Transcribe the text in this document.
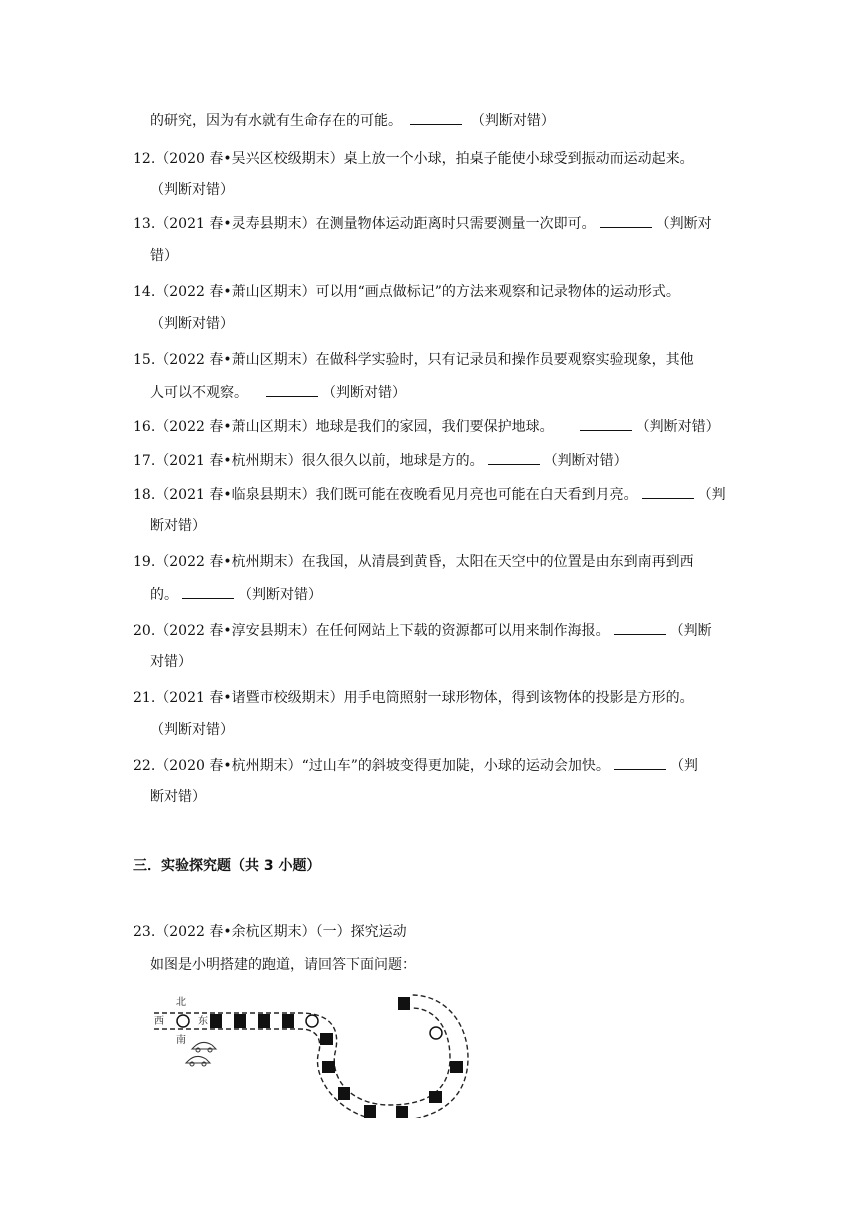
的研究，因为有水就有生命存在的可能。	（判断对错）
12.（2020 春•吴兴区校级期末）桌上放一个小球，拍桌子能使小球受到振动而运动起来。
（判断对错）
13.（2021 春•灵寿县期末）在测量物体运动距离时只需要测量一次即可。	（判断对
错）
14.（2022 春•萧山区期末）可以用“画点做标记”的方法来观察和记录物体的运动形式。
（判断对错）
15.（2022 春•萧山区期末）在做科学实验时，只有记录员和操作员要观察实验现象，其他
人可以不观察。	（判断对错）
16.（2022 春•萧山区期末）地球是我们的家园，我们要保护地球。	（判断对错）
17.（2021 春•杭州期末）很久很久以前，地球是方的。	（判断对错）
18.（2021 春•临泉县期末）我们既可能在夜晚看见月亮也可能在白天看到月亮。	（判
断对错）
19.（2022 春•杭州期末）在我国，从清晨到黄昏，太阳在天空中的位置是由东到南再到西
的。	（判断对错）
20.（2022 春•淳安县期末）在任何网站上下载的资源都可以用来制作海报。	（判断
对错）
21.（2021 春•诸暨市校级期末）用手电筒照射一球形物体，得到该物体的投影是方形的。
（判断对错）
22.（2020 春•杭州期末）“过山车”的斜坡变得更加陡，小球的运动会加快。	（判
断对错）
三．实验探究题（共 3 小题）
23.（2022 春•余杭区期末）（一）探究运动
如图是小明搭建的跑道，请回答下面问题：
北
西	东
南
